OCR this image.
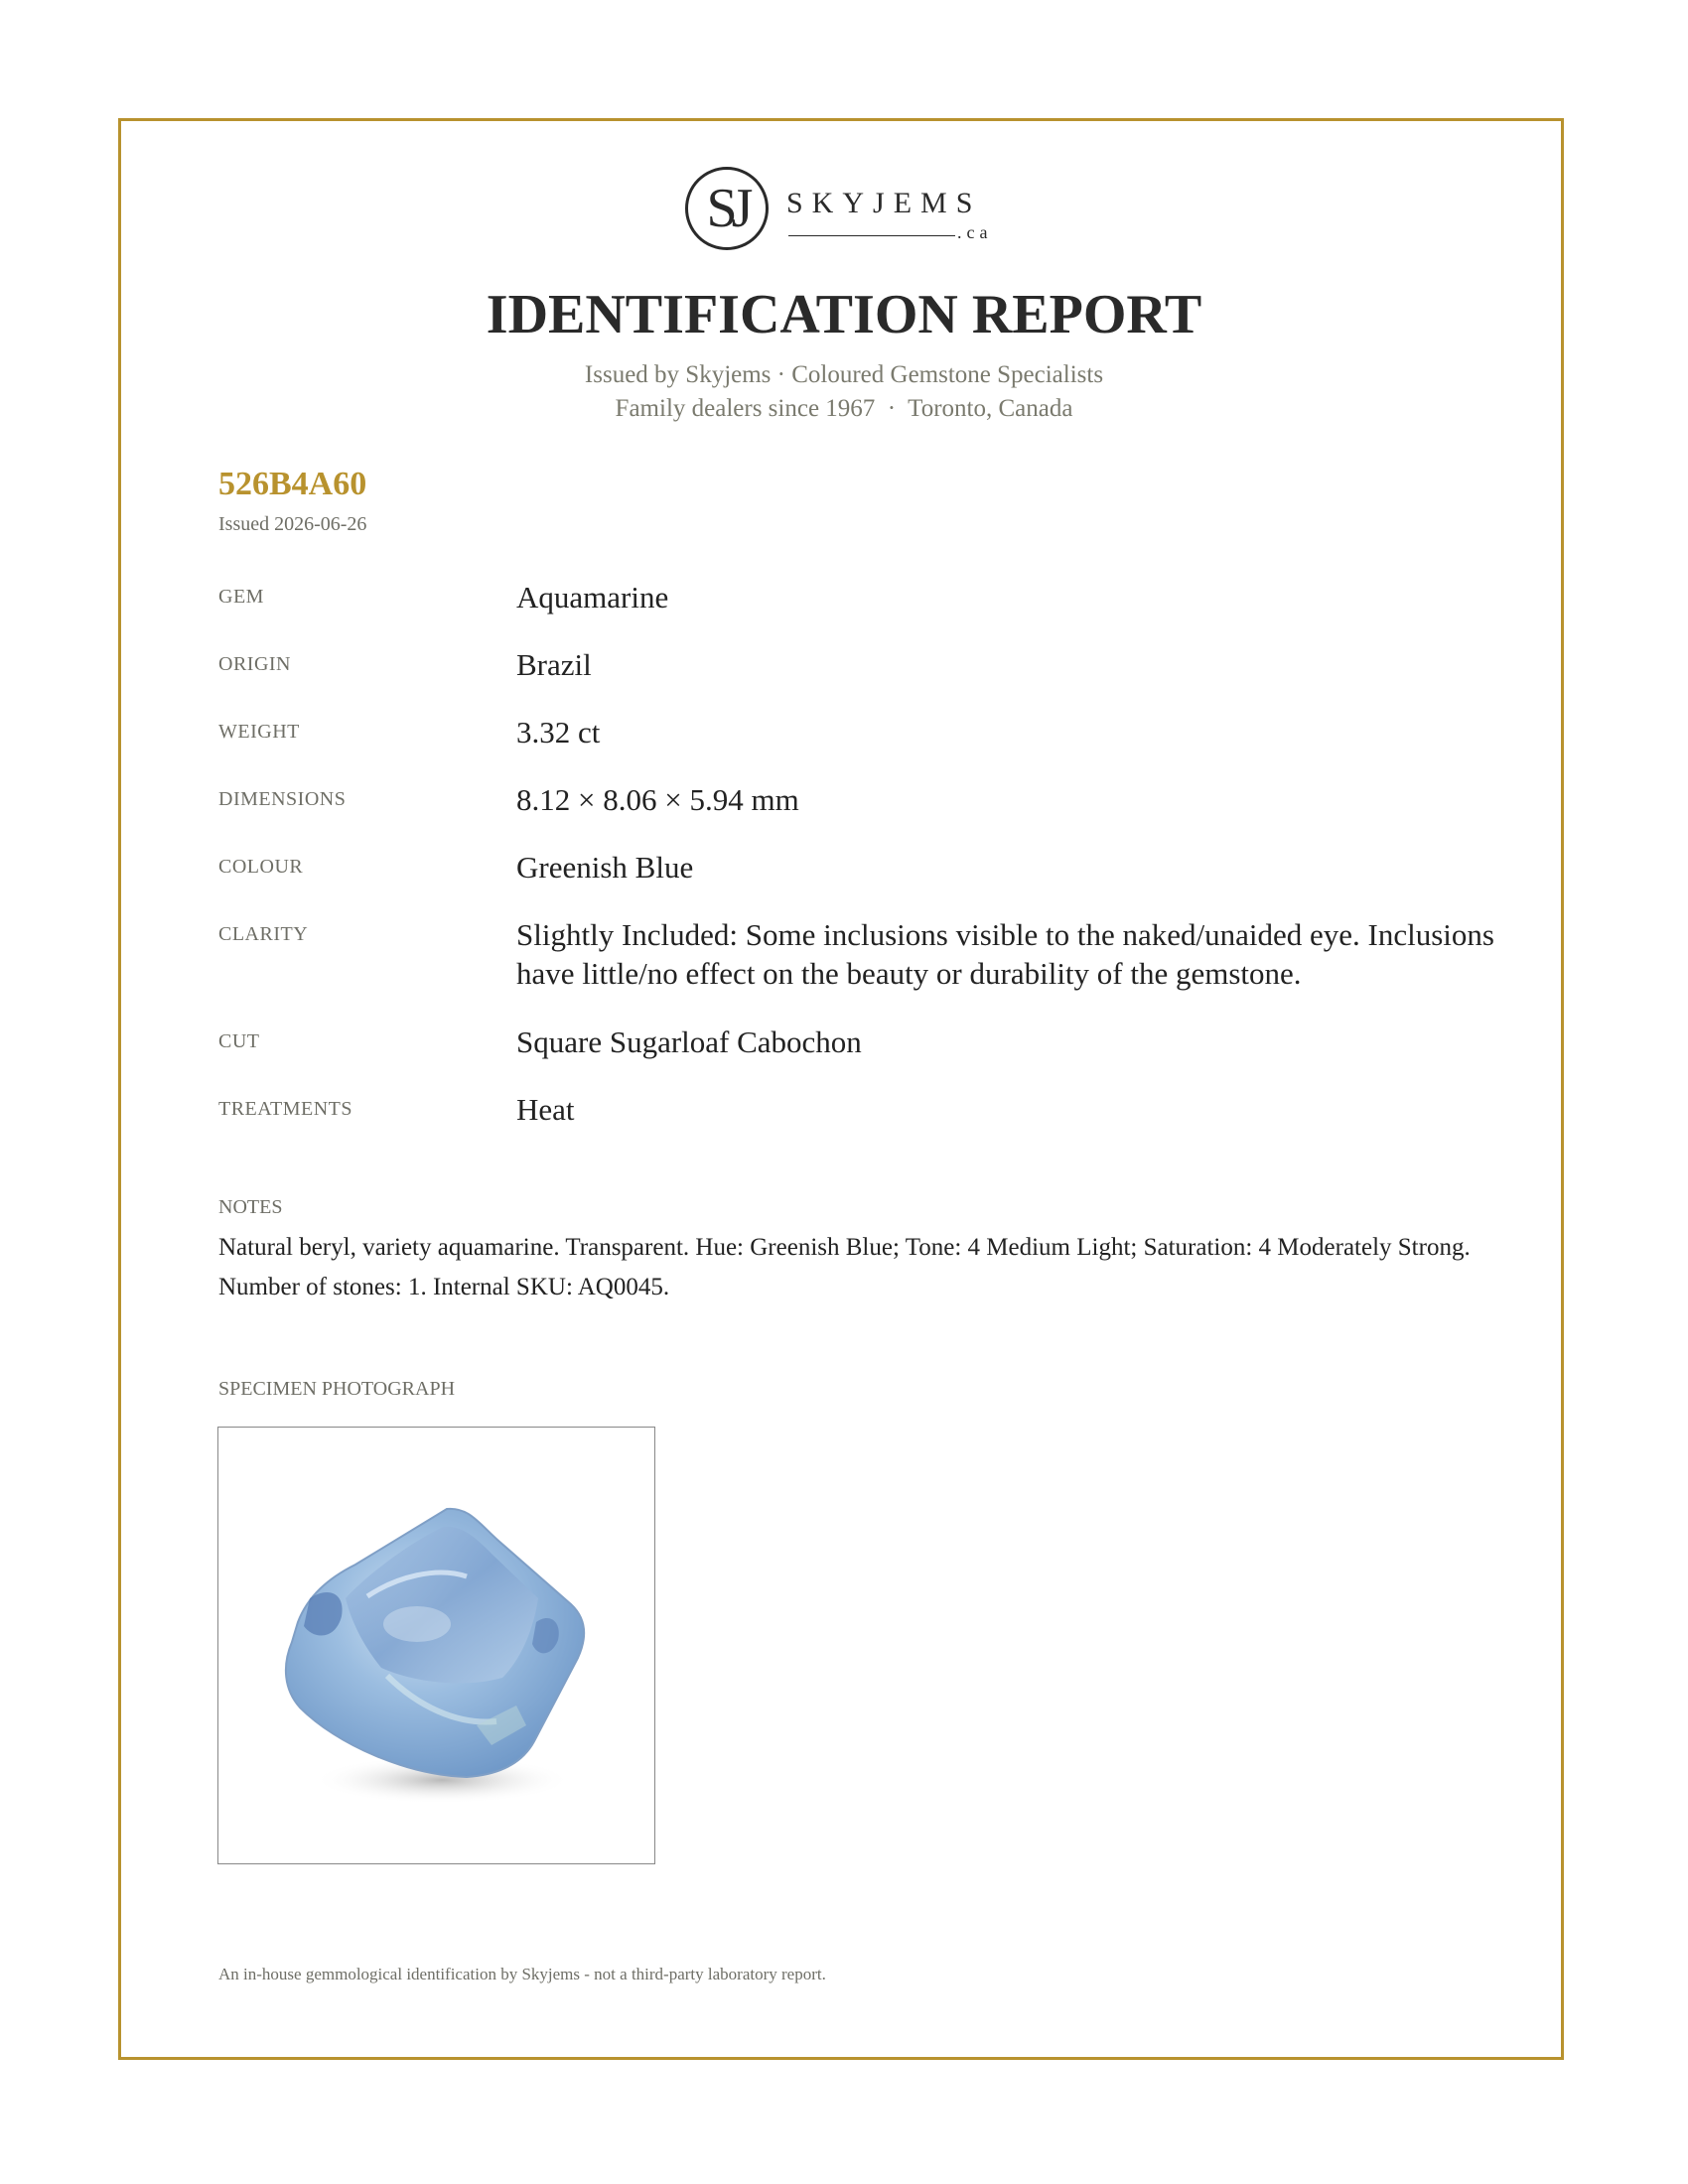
SJ	SKYJEMS
.ca
IDENTIFICATION REPORT
Issued by Skyjems · Coloured Gemstone Specialists
Family dealers since 1967  ·  Toronto, Canada
526B4A60
Issued 2026-06-26
GEM	Aquamarine
ORIGIN	Brazil
WEIGHT	3.32 ct
DIMENSIONS	8.12 × 8.06 × 5.94 mm
COLOUR	Greenish Blue
CLARITY	Slightly Included: Some inclusions visible to the naked/unaided eye. Inclusions have little/no effect on the beauty or durability of the gemstone.
CUT	Square Sugarloaf Cabochon
TREATMENTS	Heat
NOTES
Natural beryl, variety aquamarine. Transparent. Hue: Greenish Blue; Tone: 4 Medium Light; Saturation: 4 Moderately Strong. Number of stones: 1. Internal SKU: AQ0045.
SPECIMEN PHOTOGRAPH
An in-house gemmological identification by Skyjems - not a third-party laboratory report.
